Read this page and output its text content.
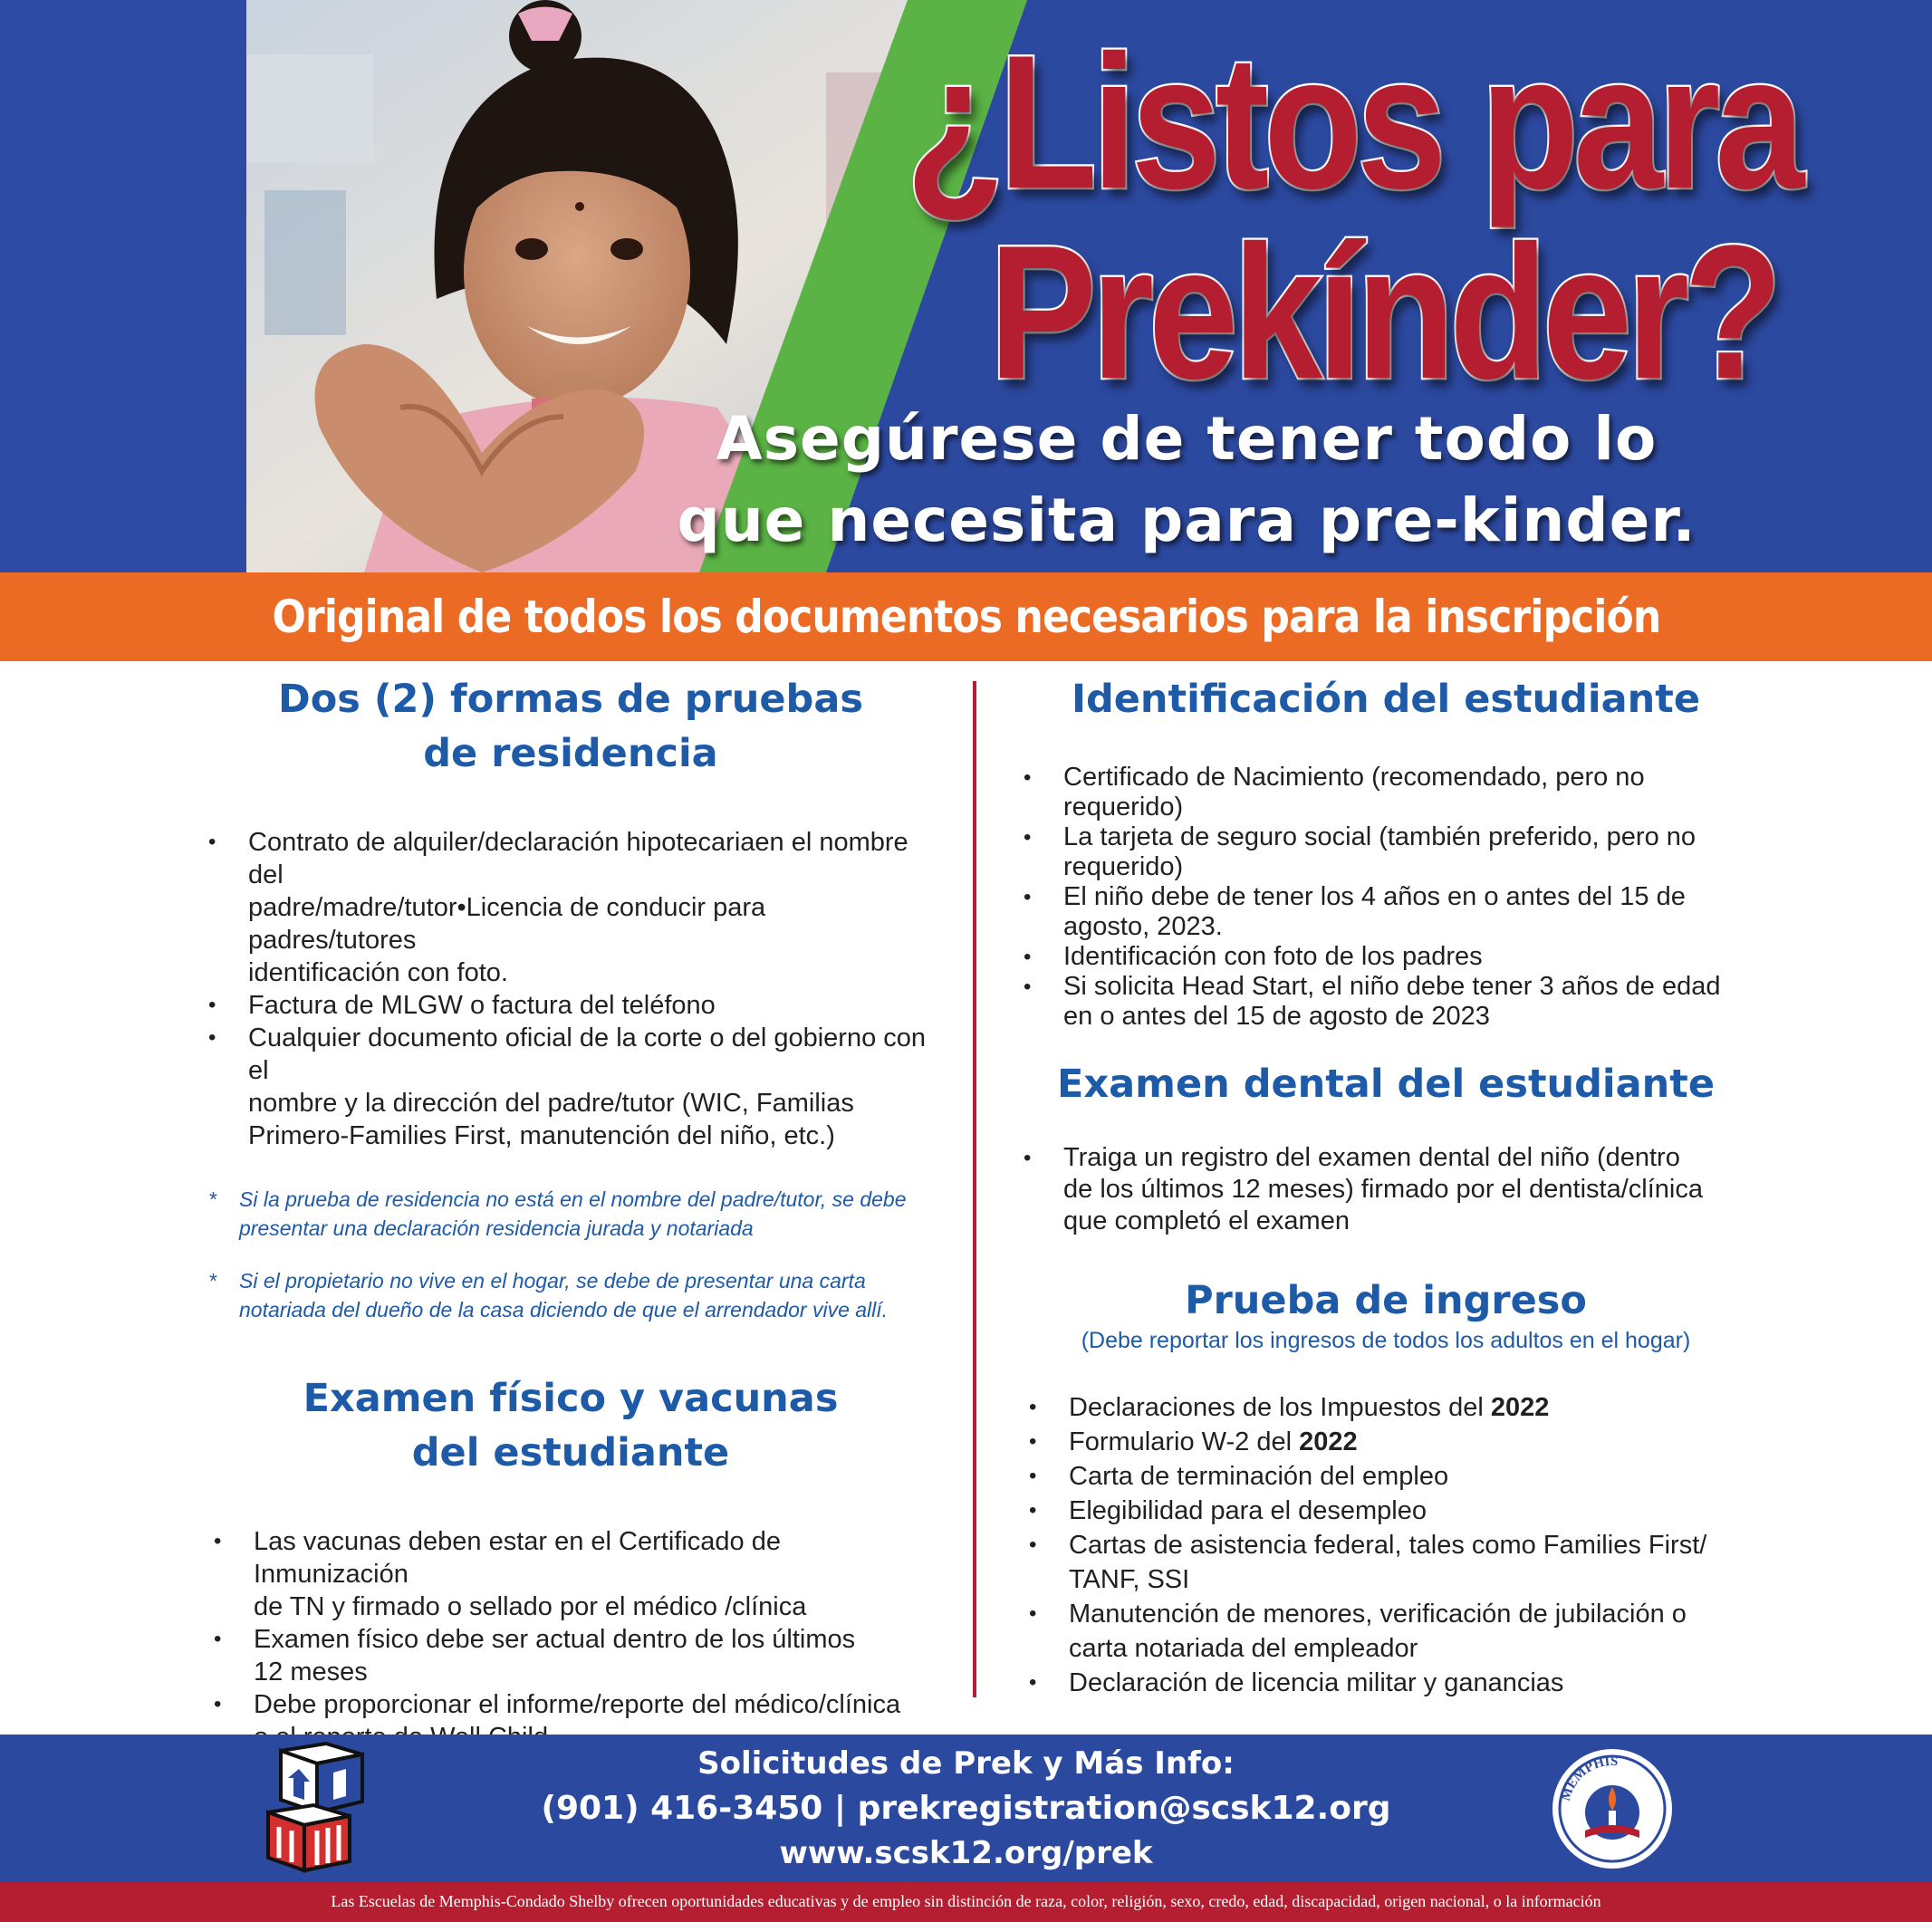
¿Listos para
Prekínder?
Asegúrese de tener todo lo
que necesita para pre-kinder.
Original de todos los documentos necesarios para la inscripción
Dos (2) formas de pruebas
de residencia
• Contrato de alquiler/declaración hipotecariaen el nombre del
padre/madre/tutor•Licencia de conducir para padres/tutores
identificación con foto.
• Factura de MLGW o factura del teléfono
• Cualquier documento oficial de la corte o del gobierno con el
nombre y la dirección del padre/tutor (WIC, Familias
Primero-Families First, manutención del niño, etc.)
* Si la prueba de residencia no está en el nombre del padre/tutor, se debe
presentar una declaración residencia jurada y notariada
* Si el propietario no vive en el hogar, se debe de presentar una carta
notariada del dueño de la casa diciendo de que el arrendador vive allí.
Examen físico y vacunas
del estudiante
• Las vacunas deben estar en el Certificado de Inmunización
de TN y firmado o sellado por el médico /clínica
• Examen físico debe ser actual dentro de los últimos
12 meses
• Debe proporcionar el informe/reporte del médico/clínica
Identificación del estudiante
• Certificado de Nacimiento (recomendado, pero no
requerido)
• La tarjeta de seguro social (también preferido, pero no
requerido)
• El niño debe de tener los 4 años en o antes del 15 de
agosto, 2023.
• Identificación con foto de los padres
• Si solicita Head Start, el niño debe tener 3 años de edad
en o antes del 15 de agosto de 2023
Examen dental del estudiante
• Traiga un registro del examen dental del niño (dentro
de los últimos 12 meses) firmado por el dentista/clínica
que completó el examen
Prueba de ingreso
(Debe reportar los ingresos de todos los adultos en el hogar)
• Declaraciones de los Impuestos del 2022
• Formulario W-2 del 2022
• Carta de terminación del empleo
• Elegibilidad para el desempleo
• Cartas de asistencia federal, tales como Families First/
TANF, SSI
• Manutención de menores, verificación de jubilación o
carta notariada del empleador
• Declaración de licencia militar y ganancias
Solicitudes de Prek y Más Info:
(901) 416-3450 | prekregistration@scsk12.org
www.scsk12.org/prek
MEMPHIS
Las Escuelas de Memphis-Condado Shelby ofrecen oportunidades educativas y de empleo sin distinción de raza, color, religión, sexo, credo, edad, discapacidad, origen nacional, o la información
